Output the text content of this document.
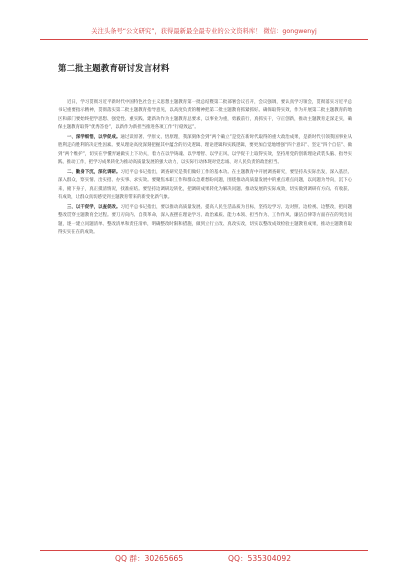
关注头条号“公文研究”，获得最新最全最专业的公文资料库！ 微信：gongwenyj
第二批主题教育研讨发言材料

近日，学习贯彻习近平新时代中国特色社会主义思想主题教育第一批总结暨第二批部署会议召开，会议强调，要认真学习领会，贯彻落实习近平总书记重要指示精神，贯彻落实第二批主题教育指导意见，以高度负责的精神把第二批主题教育抓紧抓好。确保取得实效，作为开展第二批主题教育的地区和部门要始终把学思想、强党性、重实践、建新功作为主题教育总要求，以事业为重，勇毅前行，真抓实干，守正创新，推动主题教育走深走实，确保主题教育取得“优秀答卷”，以新作为新担当推进各项工作“行稳致远”。

一、深学细悟，以学促成。通过读原著、学原文、悟原理，我深刻体会到“两个确立”是党在新时代取得的重大政治成果，是新时代引领我国事业从胜利走向胜利的决定性因素。要从理论高度深刻把握其中蕴含的历史逻辑、理论逻辑和实践逻辑，要更加自觉地增强“四个意识”、坚定“四个自信”、做到“两个维护”，切实在学懂弄通做实上下功夫，着力在以学铸魂、以学增智、以学正风、以学促干上取得实效，坚持用党的创新理论武装头脑、指导实践、推动工作，把学习成果转化为推动高质量发展的强大动力，以实际行动体现对党忠诚、对人民负责的政治担当。

二、勤身下沉，深化调研。习近平总书记指出，调查研究是我们做好工作的基本功。在主题教育中开展调查研究，要坚持从实际出发，深入基层、深入群众，察实情、出实招、办实事、求实效。要聚焦本职工作和群众急难愁盼问题，围绕推动高质量发展中的重点难点问题，以问题为导向，沉下心来，俯下身子，真正摸清情况，找准症结。要坚持边调研边转化，把调研成果转化为解决问题、推动发展的实际成效，切实做到调研有方向、有收获、有成效，让群众真切感受到主题教育带来的新变化新气象。

三、以干促学，以查促改。习近平总书记指出，要以推动高质量发展、提高人民生活品质为目标，坚持边学习、边对照、边检视、边整改，把问题整改贯穿主题教育全过程。要刀刃向内、自我革命，深入查摆在理论学习、政治素质、能力本领、担当作为、工作作风、廉洁自律等方面存在的突出问题，逐一建立问题清单、整改清单和责任清单，明确整改时限和措施，做到立行立改、真改实改，切实以整改成效检验主题教育成果，推动主题教育取得实实在在的成效。

QQ 群：30265665	QQ：535304092
